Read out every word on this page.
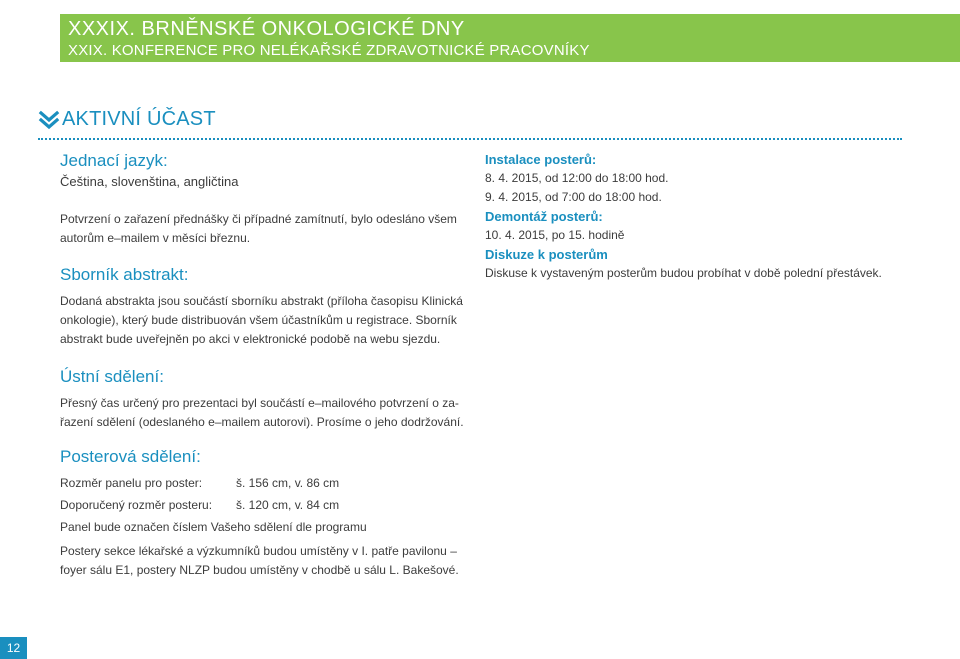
XXXIX. BRNĚNSKÉ ONKOLOGICKÉ DNY
XXIX. KONFERENCE PRO NELÉKAŘSKÉ ZDRAVOTNICKÉ PRACOVNÍKY
AKTIVNÍ ÚČAST
Jednací jazyk:

Čeština, slovenština, angličtina

Potvrzení o zařazení přednášky či případné zamítnutí, bylo odesláno všem

autorům e–mailem v měsíci březnu.

Sborník abstrakt:

Dodaná abstrakta jsou součástí sborníku abstrakt (příloha časopisu Klinická

onkologie), který bude distribuován všem účastníkům u registrace. Sborník

abstrakt bude uveřejněn po akci v elektronické podobě na webu sjezdu.

Ústní sdělení:

Přesný čas určený pro prezentaci byl součástí e–mailového potvrzení o za-

řazení sdělení (odeslaného e–mailem autorovi). Prosíme o jeho dodržování.

Posterová sdělení:
Rozměr panelu pro poster:	š. 156 cm, v. 86 cm
Doporučený rozměr posteru:	š. 120 cm, v. 84 cm

Panel bude označen číslem Vašeho sdělení dle programu

Postery sekce lékařské a výzkumníků budou umístěny v I. patře pavilonu –

foyer sálu E1, postery NLZP budou umístěny v chodbě u sálu L. Bakešové.

Instalace posterů:

8. 4. 2015, od 12:00 do 18:00 hod.

9. 4. 2015, od 7:00 do 18:00 hod.

Demontáž posterů:

10. 4. 2015, po 15. hodině

Diskuze k posterům

Diskuse k vystaveným posterům budou probíhat v době polední přestávek.

12
